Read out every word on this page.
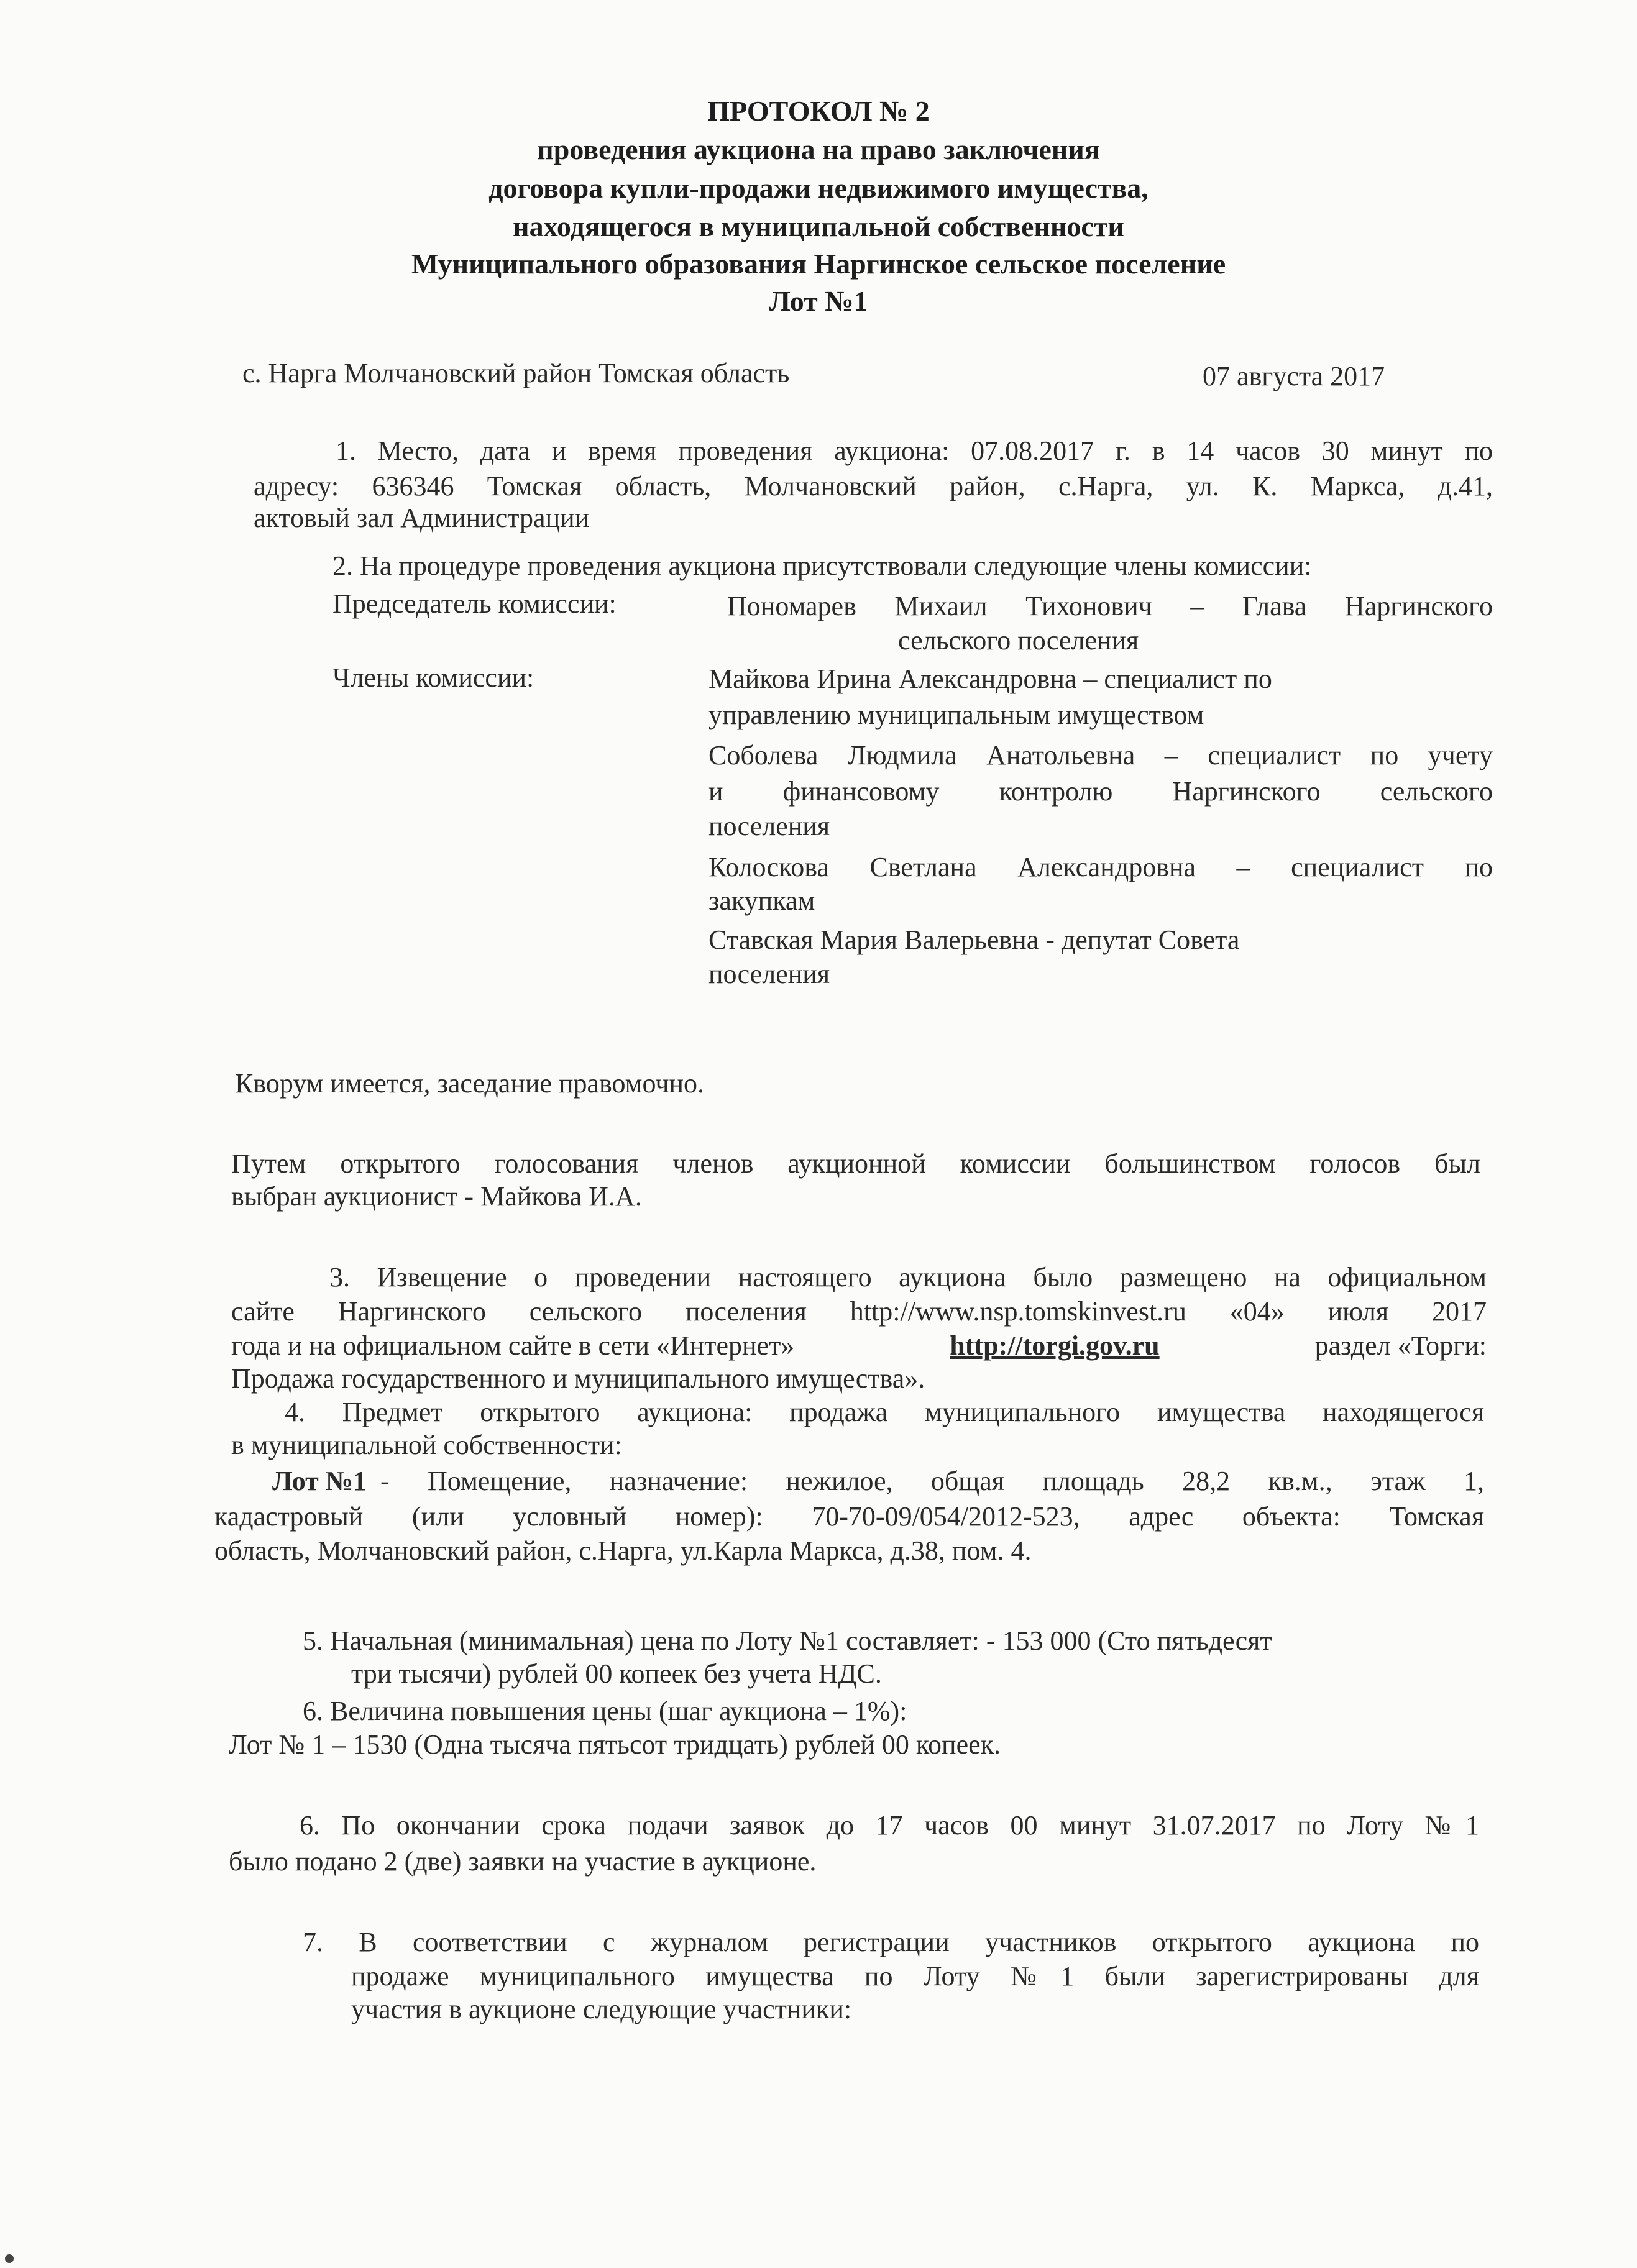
ПРОТОКОЛ № 2
проведения аукциона на право заключения
договора купли-продажи недвижимого имущества,
находящегося в муниципальной собственности
Муниципального образования Наргинское сельское поселение
Лот №1
с. Нарга Молчановский район Томская область	07 августа 2017
1. Место, дата и время проведения аукциона: 07.08.2017 г. в 14 часов 30 минут по
адресу: 636346 Томская область, Молчановский район, с.Нарга, ул. К. Маркса, д.41,
актовый зал Администрации
2. На процедуре проведения аукциона присутствовали следующие члены комиссии:
Председатель комиссии:	Пономарев Михаил Тихонович – Глава Наргинского
сельского поселения
Члены комиссии:	Майкова Ирина Александровна – специалист по
управлению муниципальным имуществом
Соболева Людмила Анатольевна – специалист по учету
и финансовому контролю Наргинского сельского
поселения
Колоскова Светлана Александровна – специалист по
закупкам
Ставская Мария Валерьевна - депутат Совета
поселения
Кворум имеется, заседание правомочно.
Путем открытого голосования членов аукционной комиссии большинством голосов был
выбран аукционист - Майкова И.А.
3. Извещение о проведении настоящего аукциона было размещено на официальном
сайте Наргинского сельского поселения http://www.nsp.tomskinvest.ru «04» июля 2017
года и на официальном сайте в сети «Интернет»	http://torgi.gov.ru	раздел «Торги:
Продажа государственного и муниципального имущества».
4. Предмет открытого аукциона: продажа муниципального имущества находящегося
в муниципальной собственности:
Лот №1 - Помещение, назначение: нежилое, общая площадь 28,2 кв.м., этаж 1,
кадастровый (или условный номер): 70-70-09/054/2012-523, адрес объекта: Томская
область, Молчановский район, с.Нарга, ул.Карла Маркса, д.38, пом. 4.
5. Начальная (минимальная) цена по Лоту №1 составляет: - 153 000 (Сто пятьдесят
три тысячи) рублей 00 копеек без учета НДС.
6. Величина повышения цены (шаг аукциона – 1%):
Лот № 1 – 1530 (Одна тысяча пятьсот тридцать) рублей 00 копеек.
6. По окончании срока подачи заявок до 17 часов 00 минут 31.07.2017 по Лоту №1
было подано 2 (две) заявки на участие в аукционе.
7. В соответствии с журналом регистрации участников открытого аукциона по
продаже муниципального имущества по Лоту №1 были зарегистрированы для
участия в аукционе следующие участники:
